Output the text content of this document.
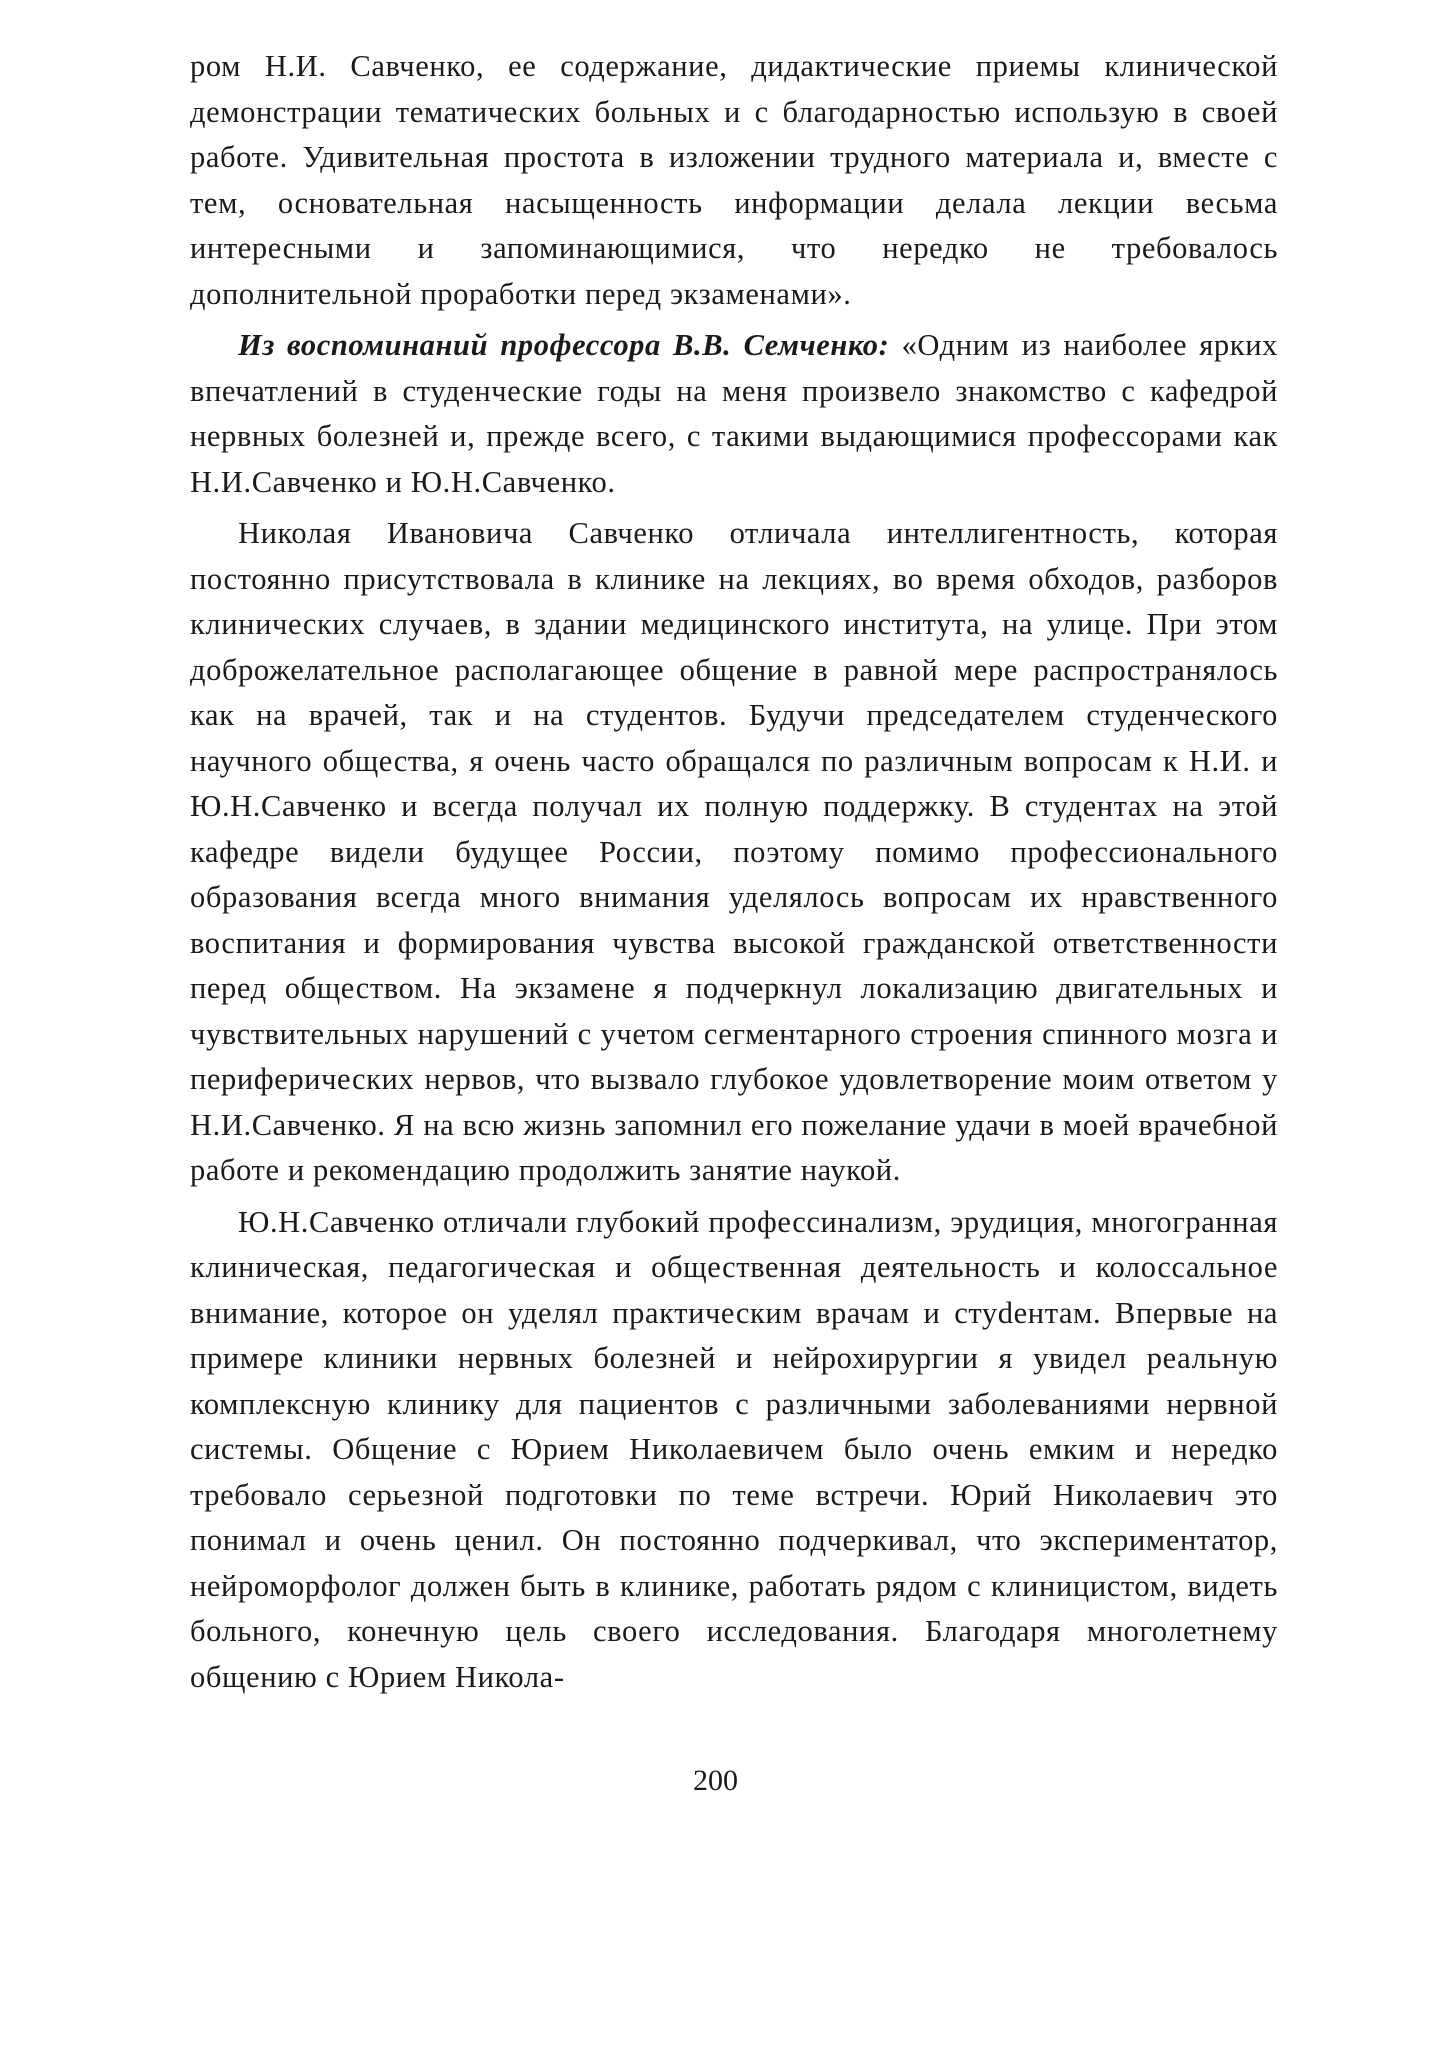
ром Н.И. Савченко, ее содержание, дидактические приемы клинической демонстрации тематических больных и с благодарностью использую в своей работе. Удивительная простота в изложении трудного материала и, вместе с тем, основательная насыщенность информации делала лекции весьма интересными и запоминающимися, что нередко не требовалось дополнительной проработки перед экзаменами».

Из воспоминаний профессора В.В. Семченко: «Одним из наиболее ярких впечатлений в студенческие годы на меня произвело знакомство с кафедрой нервных болезней и, прежде всего, с такими выдающимися профессорами как Н.И.Савченко и Ю.Н.Савченко.

Николая Ивановича Савченко отличала интеллигентность, которая постоянно присутствовала в клинике на лекциях, во время обходов, разборов клинических случаев, в здании медицинского института, на улице. При этом доброжелательное располагающее общение в равной мере распространялось как на врачей, так и на студентов. Будучи председателем студенческого научного общества, я очень часто обращался по различным вопросам к Н.И. и Ю.Н.Савченко и всегда получал их полную поддержку. В студентах на этой кафедре видели будущее России, поэтому помимо профессионального образования всегда много внимания уделялось вопросам их нравственного воспитания и формирования чувства высокой гражданской ответственности перед обществом. На экзамене я подчеркнул локализацию двигательных и чувствительных нарушений с учетом сегментарного строения спинного мозга и периферических нервов, что вызвало глубокое удовлетворение моим ответом у Н.И.Савченко. Я на всю жизнь запомнил его пожелание удачи в моей врачебной работе и рекомендацию продолжить занятие наукой.

Ю.Н.Савченко отличали глубокий профессинализм, эрудиция, многогранная клиническая, педагогическая и общественная деятельность и колоссальное внимание, которое он уделял практическим врачам и стуdентам. Впервые на примере клиники нервных болезней и нейрохирургии я увидел реальную комплексную клинику для пациентов с различными заболеваниями нервной системы. Общение с Юрием Николаевичем было очень емким и нередко требовало серьезной подготовки по теме встречи. Юрий Николаевич это понимал и очень ценил. Он постоянно подчеркивал, что экспериментатор, нейроморфолог должен быть в клинике, работать рядом с клиницистом, видеть больного, конечную цель своего исследования. Благодаря многолетнему общению с Юрием Никола-

200
